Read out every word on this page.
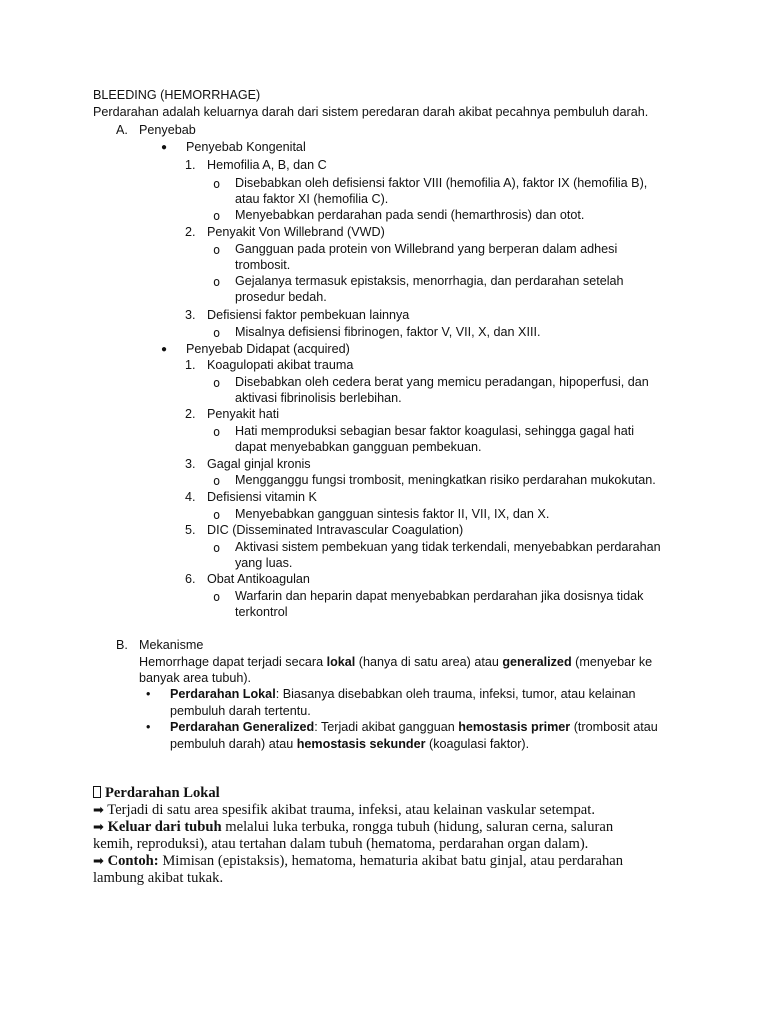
BLEEDING (HEMORRHAGE)
Perdarahan adalah keluarnya darah dari sistem peredaran darah akibat pecahnya pembuluh darah.
A. Penyebab
● Penyebab Kongenital
1. Hemofilia A, B, dan C
o Disebabkan oleh defisiensi faktor VIII (hemofilia A), faktor IX (hemofilia B),
atau faktor XI (hemofilia C).
o Menyebabkan perdarahan pada sendi (hemarthrosis) dan otot.
2. Penyakit Von Willebrand (VWD)
o Gangguan pada protein von Willebrand yang berperan dalam adhesi
trombosit.
o Gejalanya termasuk epistaksis, menorrhagia, dan perdarahan setelah
prosedur bedah.
3. Defisiensi faktor pembekuan lainnya
o Misalnya defisiensi fibrinogen, faktor V, VII, X, dan XIII.
● Penyebab Didapat (acquired)
1. Koagulopati akibat trauma
o Disebabkan oleh cedera berat yang memicu peradangan, hipoperfusi, dan
aktivasi fibrinolisis berlebihan.
2. Penyakit hati
o Hati memproduksi sebagian besar faktor koagulasi, sehingga gagal hati
dapat menyebabkan gangguan pembekuan.
3. Gagal ginjal kronis
o Mengganggu fungsi trombosit, meningkatkan risiko perdarahan mukokutan.
4. Defisiensi vitamin K
o Menyebabkan gangguan sintesis faktor II, VII, IX, dan X.
5. DIC (Disseminated Intravascular Coagulation)
o Aktivasi sistem pembekuan yang tidak terkendali, menyebabkan perdarahan
yang luas.
6. Obat Antikoagulan
o Warfarin dan heparin dapat menyebabkan perdarahan jika dosisnya tidak
terkontrol
B. Mekanisme
Hemorrhage dapat terjadi secara lokal (hanya di satu area) atau generalized (menyebar ke
banyak area tubuh).
• Perdarahan Lokal: Biasanya disebabkan oleh trauma, infeksi, tumor, atau kelainan
pembuluh darah tertentu.
• Perdarahan Generalized: Terjadi akibat gangguan hemostasis primer (trombosit atau
pembuluh darah) atau hemostasis sekunder (koagulasi faktor).
Perdarahan Lokal
➡ Terjadi di satu area spesifik akibat trauma, infeksi, atau kelainan vaskular setempat.
➡ Keluar dari tubuh melalui luka terbuka, rongga tubuh (hidung, saluran cerna, saluran
kemih, reproduksi), atau tertahan dalam tubuh (hematoma, perdarahan organ dalam).
➡ Contoh: Mimisan (epistaksis), hematoma, hematuria akibat batu ginjal, atau perdarahan
lambung akibat tukak.
